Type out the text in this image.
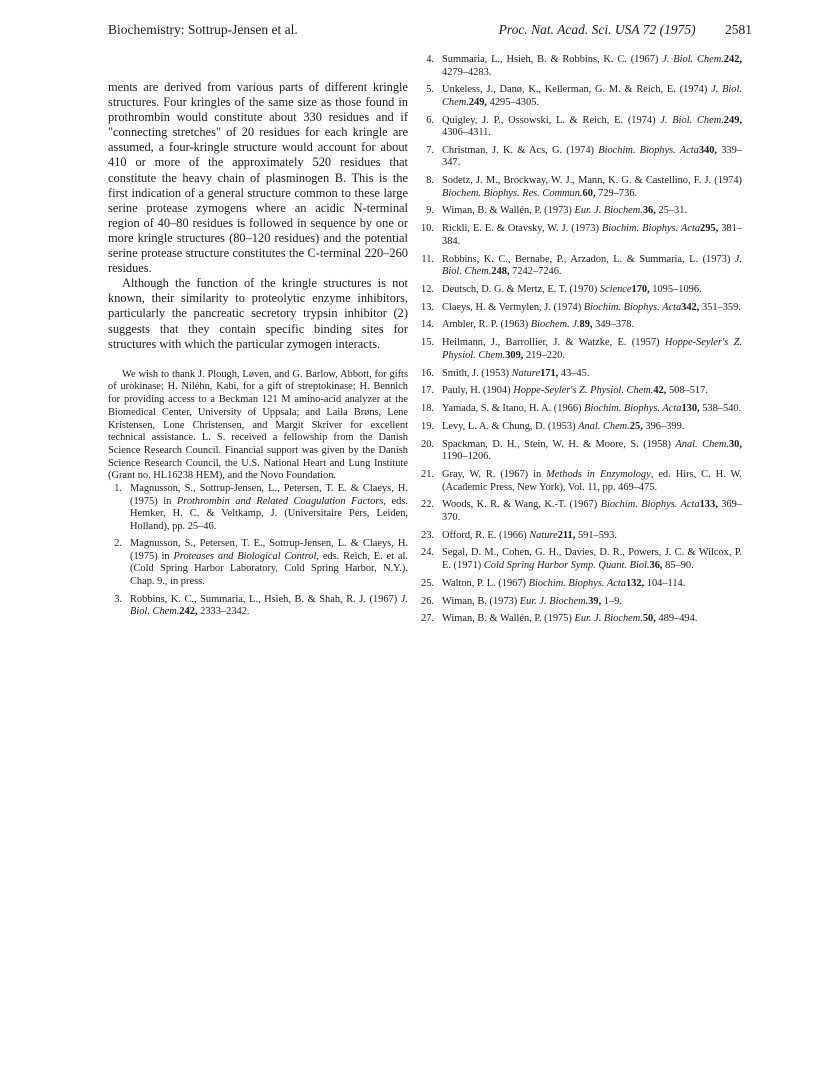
Biochemistry: Sottrup-Jensen et al.	Proc. Nat. Acad. Sci. USA 72 (1975) 2581

ments are derived from various parts of different kringle structures. Four kringles of the same size as those found in prothrombin would constitute about 330 residues and if "connecting stretches" of 20 residues for each kringle are assumed, a four-kringle structure would account for about 410 or more of the approximately 520 residues that constitute the heavy chain of plasminogen B. This is the first indication of a general structure common to these large serine protease zymogens where an acidic N-terminal region of 40–80 residues is followed in sequence by one or more kringle structures (80–120 residues) and the potential serine protease structure constitutes the C-terminal 220–260 residues.

Although the function of the kringle structures is not known, their similarity to proteolytic enzyme inhibitors, particularly the pancreatic secretory trypsin inhibitor (2) suggests that they contain specific binding sites for structures with which the particular zymogen interacts.

We wish to thank J. Plough, Løven, and G. Barlow, Abbott, for gifts of urokinase; H. Niléhn, Kabi, for a gift of streptokinase; H. Bennich for providing access to a Beckman 121 M amino-acid analyzer at the Biomedical Center, University of Uppsala; and Laila Brøns, Lene Kristensen, Lone Christensen, and Margit Skriver for excellent technical assistance. L. S. received a fellowship from the Danish Science Research Council. Financial support was given by the Danish Science Research Council, the U.S. National Heart and Lung Institute (Grant no. HL16238 HEM), and the Novo Foundation.

1. Magnusson, S., Sottrup-Jensen, L., Petersen, T. E. & Claeys, H. (1975) in Prothrombin and Related Coagulation Factors, eds. Hemker, H. C. & Veltkamp, J. (Universitaire Pers, Leiden, Holland), pp. 25–46.
2. Magnusson, S., Petersen, T. E., Sottrup-Jensen, L. & Claeys, H. (1975) in Proteases and Biological Control, eds. Reich, E. et al. (Cold Spring Harbor Laboratory, Cold Spring Harbor, N.Y.). Chap. 9., in press.
3. Robbins, K. C., Summaria, L., Hsieh, B. & Shah, R. J. (1967) J. Biol. Chem.242, 2333–2342.
4. Summaria, L., Hsieh, B. & Robbins, K. C. (1967) J. Biol. Chem.242, 4279–4283.
5. Unkeless, J., Danø, K., Kellerman, G. M. & Reich, E. (1974) J. Biol. Chem.249, 4295–4305.
6. Quigley, J. P., Ossowski, L. & Reich, E. (1974) J. Biol. Chem.249, 4306–4311.
7. Christman, J. K. & Acs, G. (1974) Biochim. Biophys. Acta340, 339–347.
8. Sodetz, J. M., Brockway, W. J., Mann, K. G. & Castellino, F. J. (1974) Biochem. Biophys. Res. Commun.60, 729–736.
9. Wiman, B. & Wallén, P. (1973) Eur. J. Biochem.36, 25–31.
10. Rickli, E. E. & Otavsky, W. J. (1973) Biochim. Biophys. Acta295, 381–384.
11. Robbins, K. C., Bernabe, P., Arzadon, L. & Summaria, L. (1973) J. Biol. Chem.248, 7242–7246.
12. Deutsch, D. G. & Mertz, E. T. (1970) Science170, 1095–1096.
13. Claeys, H. & Vermylen, J. (1974) Biochim. Biophys. Acta342, 351–359.
14. Ambler, R. P. (1963) Biochem. J.89, 349–378.
15. Heilmann, J., Barrollier, J. & Watzke, E. (1957) Hoppe-Seyler's Z. Physiol. Chem.309, 219–220.
16. Smith, J. (1953) Nature171, 43–45.
17. Pauly, H. (1904) Hoppe-Seyler's Z. Physiol. Chem.42, 508–517.
18. Yamada, S. & Itano, H. A. (1966) Biochim. Biophys. Acta130, 538–540.
19. Levy, L. A. & Chung, D. (1953) Anal. Chem.25, 396–399.
20. Spackman, D. H., Stein, W. H. & Moore, S. (1958) Anal. Chem.30, 1190–1206.
21. Gray, W. R. (1967) in Methods in Enzymology, ed. Hirs, C. H. W. (Academic Press, New York), Vol. 11, pp. 469–475.
22. Woods, K. R. & Wang, K.-T. (1967) Biochim. Biophys. Acta133, 369–370.
23. Offord, R. E. (1966) Nature211, 591–593.
24. Segal, D. M., Cohen, G. H., Davies, D. R., Powers, J. C. & Wilcox, P. E. (1971) Cold Spring Harbor Symp. Quant. Biol.36, 85–90.
25. Walton, P. L. (1967) Biochim. Biophys. Acta132, 104–114.
26. Wiman, B. (1973) Eur. J. Biochem.39, 1–9.
27. Wiman, B. & Wallén, P. (1975) Eur. J. Biochem.50, 489–494.
